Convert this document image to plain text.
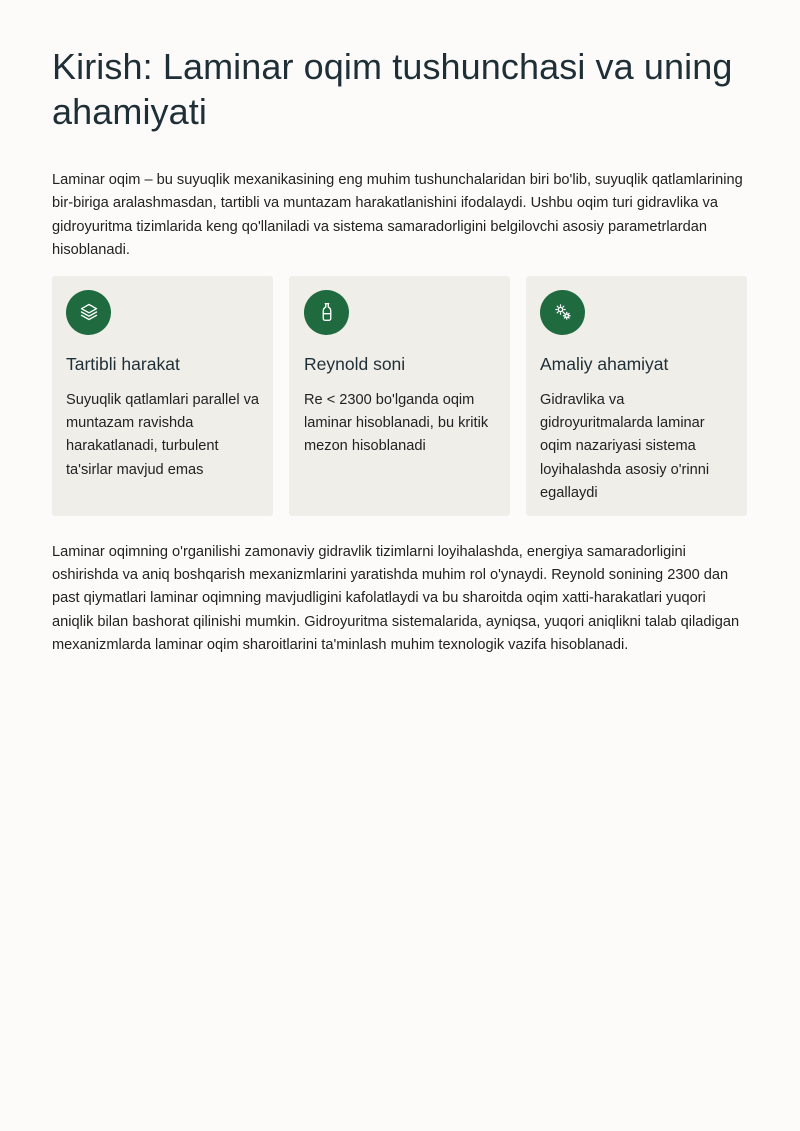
Kirish: Laminar oqim tushunchasi va uning ahamiyati

Laminar oqim – bu suyuqlik mexanikasining eng muhim tushunchalaridan biri bo'lib, suyuqlik qatlamlarining bir-biriga aralashmasdan, tartibli va muntazam harakatlanishini ifodalaydi. Ushbu oqim turi gidravlika va gidroyuritma tizimlarida keng qo'llaniladi va sistema samaradorligini belgilovchi asosiy parametrlardan hisoblanadi.

Tartibli harakat

Suyuqlik qatlamlari parallel va muntazam ravishda harakatlanadi, turbulent ta'sirlar mavjud emas

Reynold soni

Re < 2300 bo'lganda oqim laminar hisoblanadi, bu kritik mezon hisoblanadi

Amaliy ahamiyat

Gidravlika va gidroyuritmalarda laminar oqim nazariyasi sistema loyihalashda asosiy o'rinni egallaydi

Laminar oqimning o'rganilishi zamonaviy gidravlik tizimlarni loyihalashda, energiya samaradorligini oshirishda va aniq boshqarish mexanizmlarini yaratishda muhim rol o'ynaydi. Reynold sonining 2300 dan past qiymatlari laminar oqimning mavjudligini kafolatlaydi va bu sharoitda oqim xatti-harakatlari yuqori aniqlik bilan bashorat qilinishi mumkin. Gidroyuritma sistemalarida, ayniqsa, yuqori aniqlikni talab qiladigan mexanizmlarda laminar oqim sharoitlarini ta'minlash muhim texnologik vazifa hisoblanadi.
